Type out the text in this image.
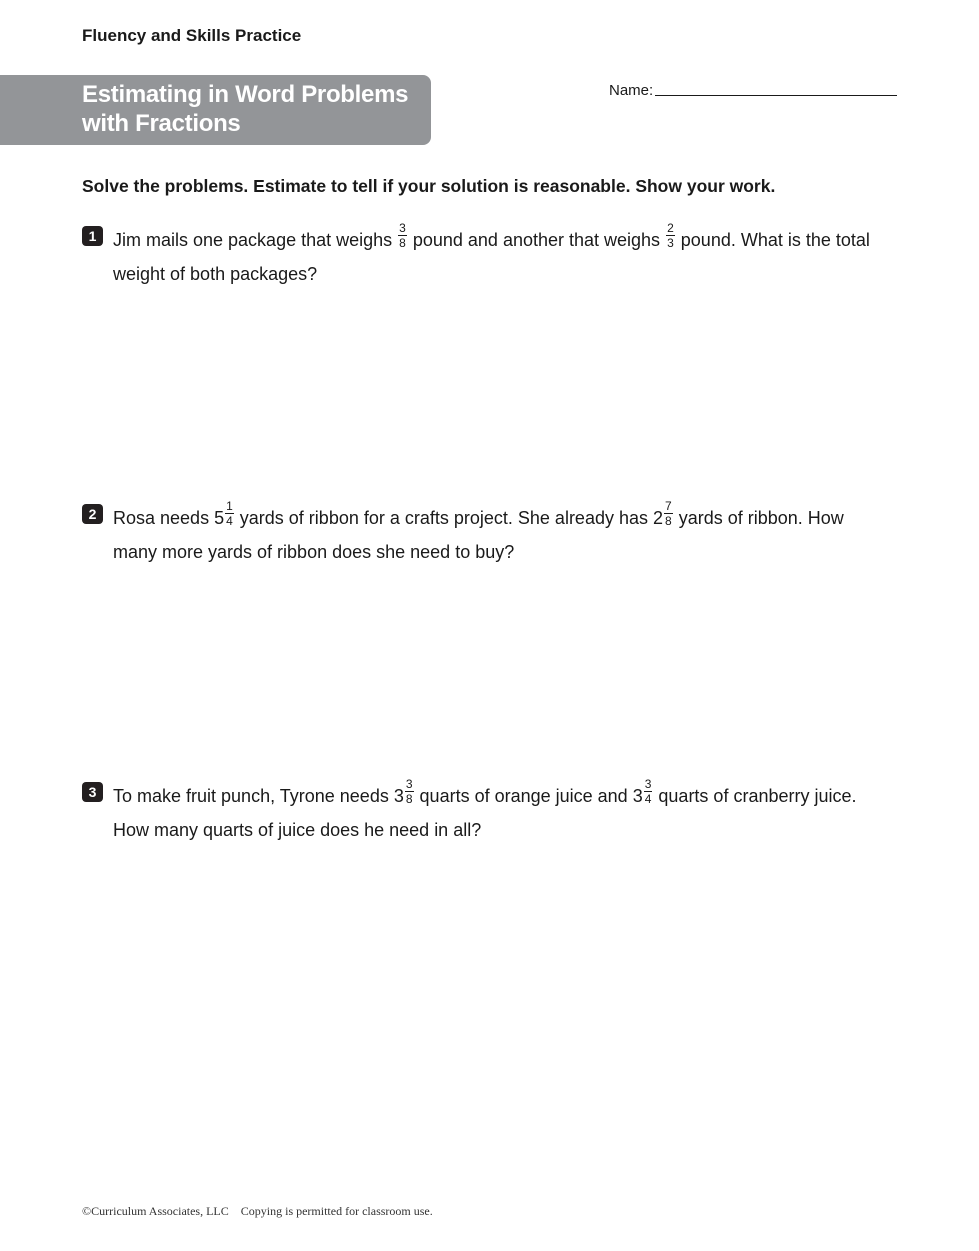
Fluency and Skills Practice
Estimating in Word Problems
with Fractions
Name:
Solve the problems. Estimate to tell if your solution is reasonable. Show your work.
1 Jim mails one package that weighs $\frac{3}{8}$ pound and another that weighs $\frac{2}{3}$ pound. What is the total
weight of both packages?
2 Rosa needs $5 \frac{1}{4}$ yards of ribbon for a crafts project. She already has $2 \frac{7}{8}$ yards of ribbon. How
many more yards of ribbon does she need to buy?
3 To make fruit punch, Tyrone needs $3 \frac{3}{8}$ quarts of orange juice and $3 \frac{3}{4}$ quarts of cranberry juice.
How many quarts of juice does he need in all?
©Curriculum Associates, LLC Copying is permitted for classroom use.
